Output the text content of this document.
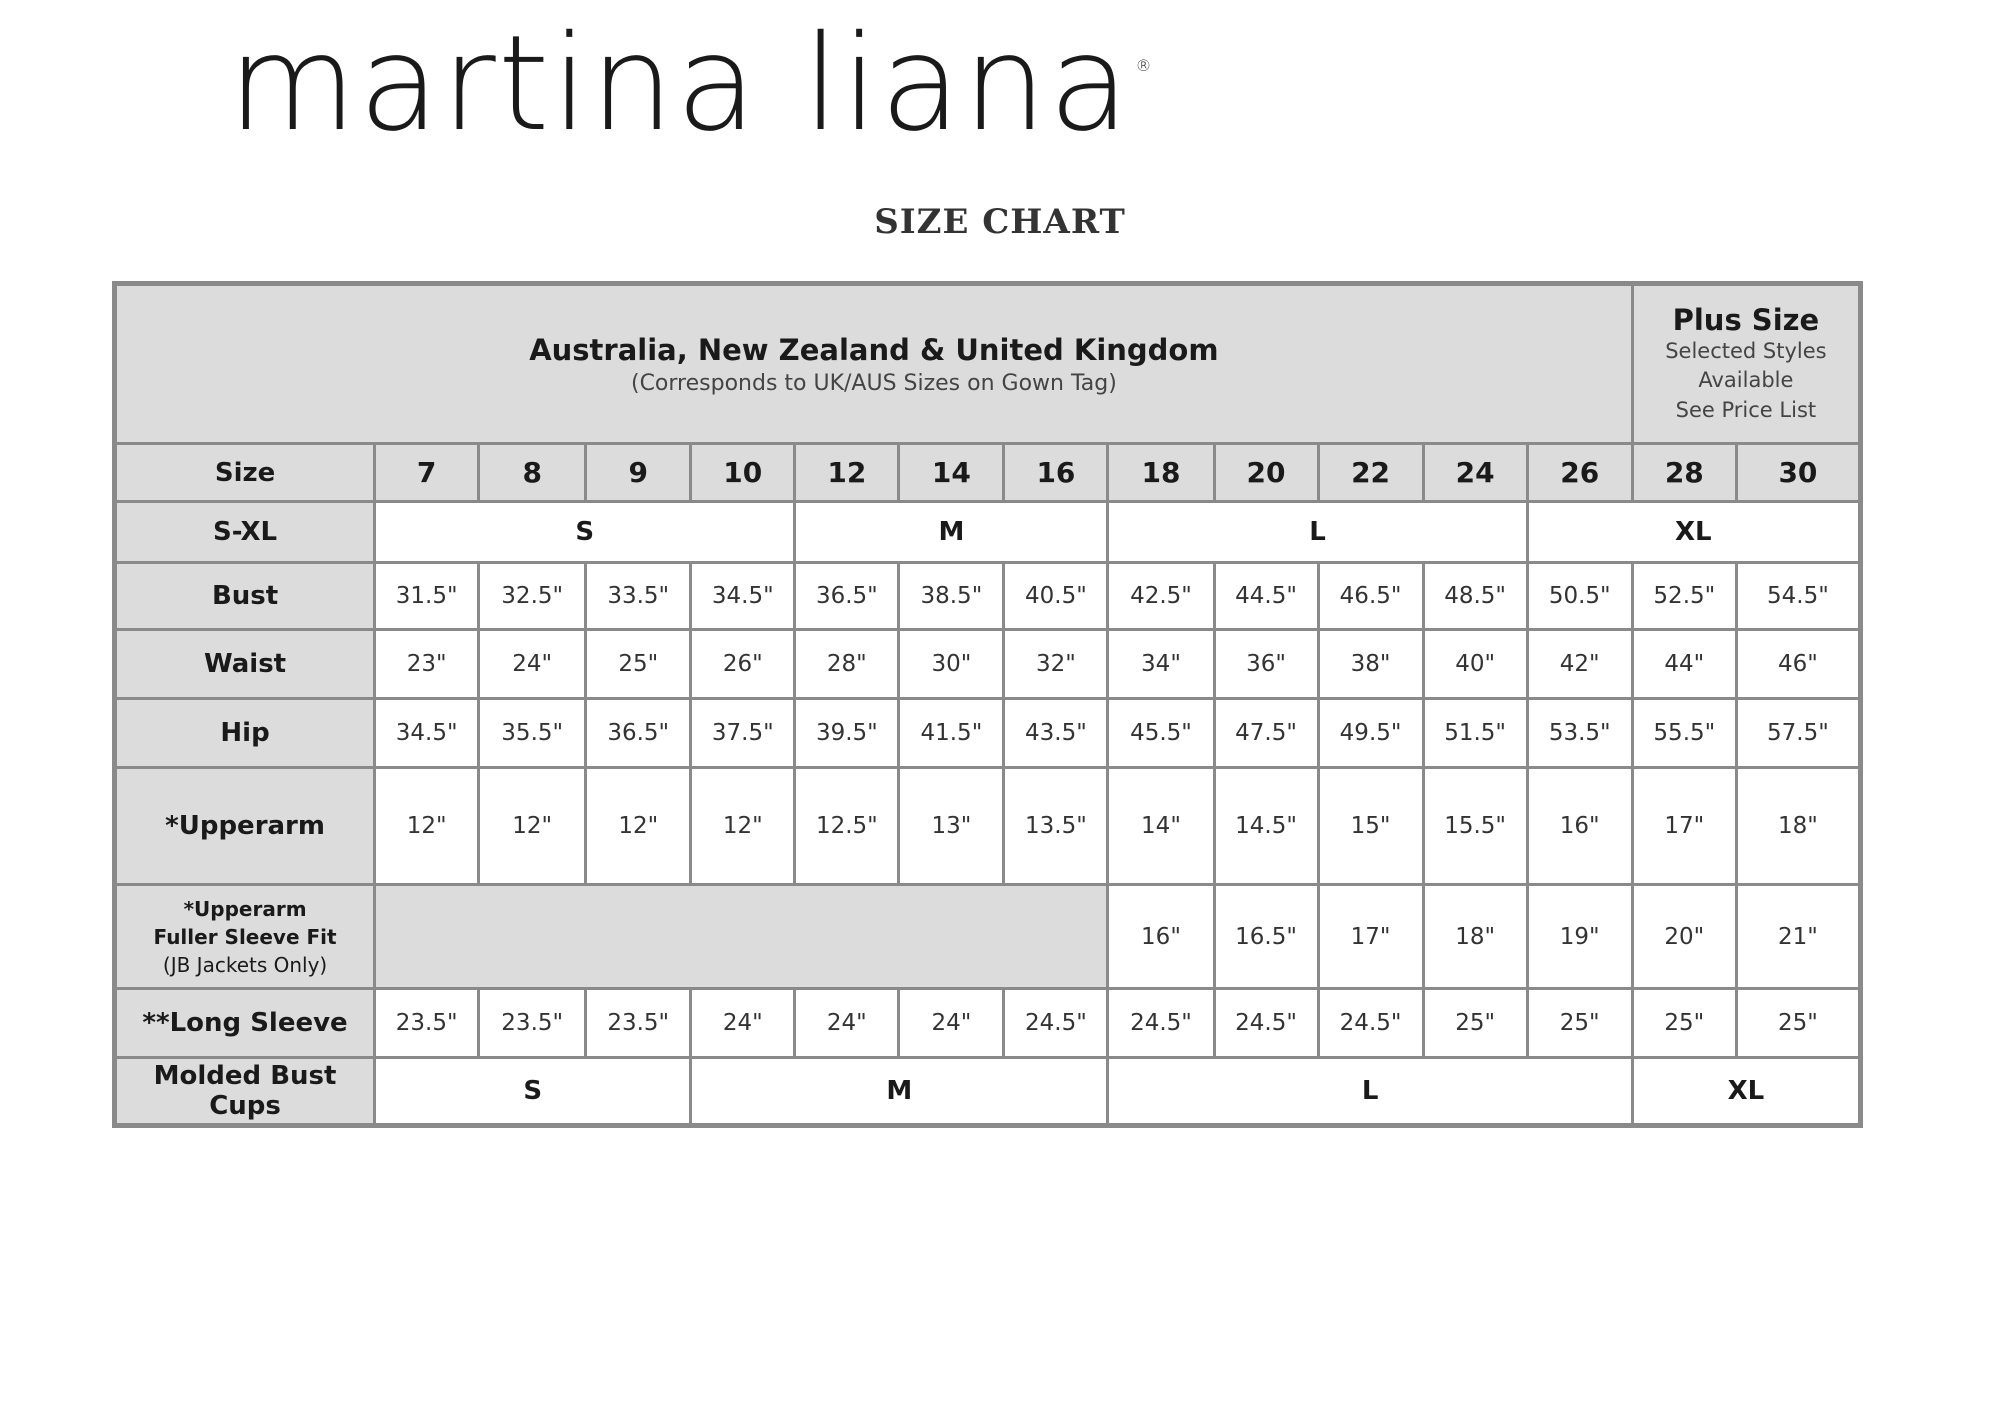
martina liana ®
SIZE CHART
Australia, New Zealand & United Kingdom
(Corresponds to UK/AUS Sizes on Gown Tag)													Plus Size
Selected Styles
Available
See Price List	

Size	7	8	9	10	12	14	16	18	20	22	24	26	28	30
S-XL	S				M			L				XL		
Bust	31.5"	32.5"	33.5"	34.5"	36.5"	38.5"	40.5"	42.5"	44.5"	46.5"	48.5"	50.5"	52.5"	54.5"
Waist	23"	24"	25"	26"	28"	30"	32"	34"	36"	38"	40"	42"	44"	46"
Hip	34.5"	35.5"	36.5"	37.5"	39.5"	41.5"	43.5"	45.5"	47.5"	49.5"	51.5"	53.5"	55.5"	57.5"
*Upperarm	12"	12"	12"	12"	12.5"	13"	13.5"	14"	14.5"	15"	15.5"	16"	17"	18"
*Upperarm
Fuller Sleeve Fit
(JB Jackets Only)								16"	16.5"	17"	18"	19"	20"	21"
**Long Sleeve	23.5"	23.5"	23.5"	24"	24"	24"	24.5"	24.5"	24.5"	24.5"	25"	25"	25"	25"
Molded Bust Cups	S			M				L					XL	
